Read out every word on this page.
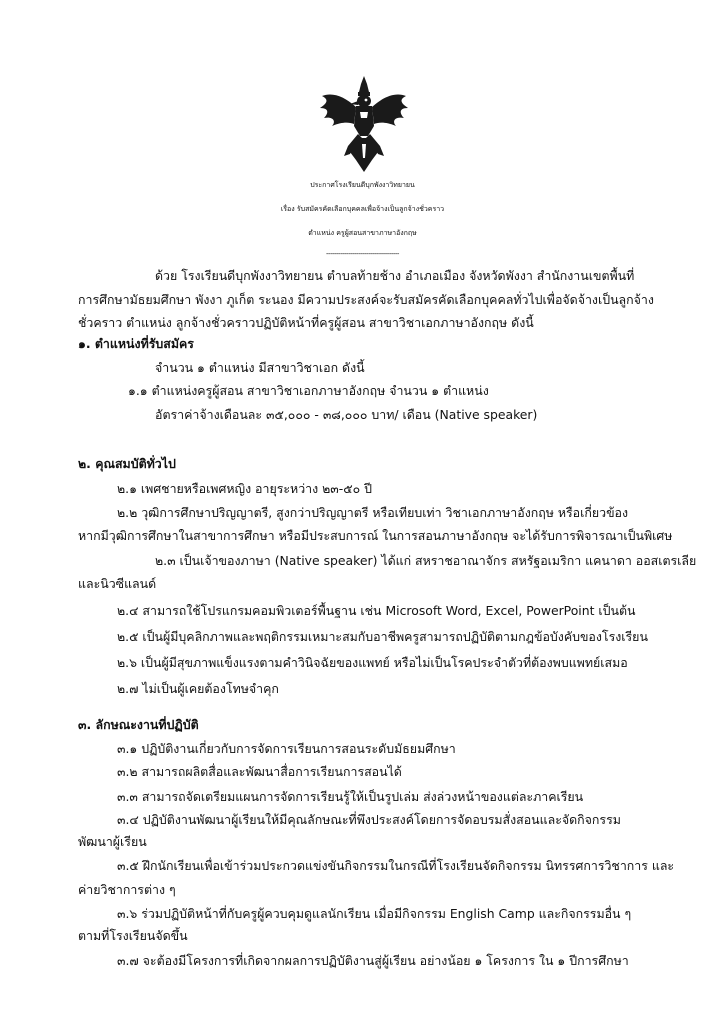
ประกาศโรงเรียนดีบุกพังงาวิทยายน
เรื่อง รับสมัครคัดเลือกบุคคลเพื่อจ้างเป็นลูกจ้างชั่วคราว
ตำแหน่ง ครูผู้สอนสาขาภาษาอังกฤษ
------------------------------------
ด้วย โรงเรียนดีบุกพังงาวิทยายน ตำบลท้ายช้าง อำเภอเมือง จังหวัดพังงา สำนักงานเขตพื้นที่
การศึกษามัธยมศึกษา พังงา ภูเก็ต ระนอง มีความประสงค์จะรับสมัครคัดเลือกบุคคลทั่วไปเพื่อจัดจ้างเป็นลูกจ้าง
ชั่วคราว ตำแหน่ง ลูกจ้างชั่วคราวปฏิบัติหน้าที่ครูผู้สอน สาขาวิชาเอกภาษาอังกฤษ ดังนี้
๑. ตำแหน่งที่รับสมัคร
จำนวน ๑ ตำแหน่ง มีสาขาวิชาเอก ดังนี้
๑.๑ ตำแหน่งครูผู้สอน สาขาวิชาเอกภาษาอังกฤษ จำนวน ๑ ตำแหน่ง
อัตราค่าจ้างเดือนละ ๓๕,๐๐๐ - ๓๘,๐๐๐ บาท/ เดือน (Native speaker)
๒. คุณสมบัติทั่วไป
๒.๑ เพศชายหรือเพศหญิง อายุระหว่าง ๒๓-๕๐ ปี
๒.๒ วุฒิการศึกษาปริญญาตรี, สูงกว่าปริญญาตรี หรือเทียบเท่า วิชาเอกภาษาอังกฤษ หรือเกี่ยวข้อง
หากมีวุฒิการศึกษาในสาขาการศึกษา หรือมีประสบการณ์ ในการสอนภาษาอังกฤษ จะได้รับการพิจารณาเป็นพิเศษ
๒.๓ เป็นเจ้าของภาษา (Native speaker) ได้แก่ สหราชอาณาจักร สหรัฐอเมริกา แคนาดา ออสเตรเลีย
และนิวซีแลนด์
๒.๔ สามารถใช้โปรแกรมคอมพิวเตอร์พื้นฐาน เช่น Microsoft Word, Excel, PowerPoint เป็นต้น
๒.๕ เป็นผู้มีบุคลิกภาพและพฤติกรรมเหมาะสมกับอาชีพครูสามารถปฏิบัติตามกฎข้อบังคับของโรงเรียน
๒.๖ เป็นผู้มีสุขภาพแข็งแรงตามคำวินิจฉัยของแพทย์ หรือไม่เป็นโรคประจำตัวที่ต้องพบแพทย์เสมอ
๒.๗ ไม่เป็นผู้เคยต้องโทษจำคุก
๓. ลักษณะงานที่ปฏิบัติ
๓.๑ ปฏิบัติงานเกี่ยวกับการจัดการเรียนการสอนระดับมัธยมศึกษา
๓.๒ สามารถผลิตสื่อและพัฒนาสื่อการเรียนการสอนได้
๓.๓ สามารถจัดเตรียมแผนการจัดการเรียนรู้ให้เป็นรูปเล่ม ส่งล่วงหน้าของแต่ละภาคเรียน
๓.๔ ปฏิบัติงานพัฒนาผู้เรียนให้มีคุณลักษณะที่พึงประสงค์โดยการจัดอบรมสั่งสอนและจัดกิจกรรม
พัฒนาผู้เรียน
๓.๕ ฝึกนักเรียนเพื่อเข้าร่วมประกวดแข่งขันกิจกรรมในกรณีที่โรงเรียนจัดกิจกรรม นิทรรศการวิชาการ และ
ค่ายวิชาการต่าง ๆ
๓.๖ ร่วมปฏิบัติหน้าที่กับครูผู้ควบคุมดูแลนักเรียน เมื่อมีกิจกรรม English Camp และกิจกรรมอื่น ๆ
ตามที่โรงเรียนจัดขึ้น
๓.๗ จะต้องมีโครงการที่เกิดจากผลการปฏิบัติงานสู่ผู้เรียน อย่างน้อย ๑ โครงการ ใน ๑ ปีการศึกษา
